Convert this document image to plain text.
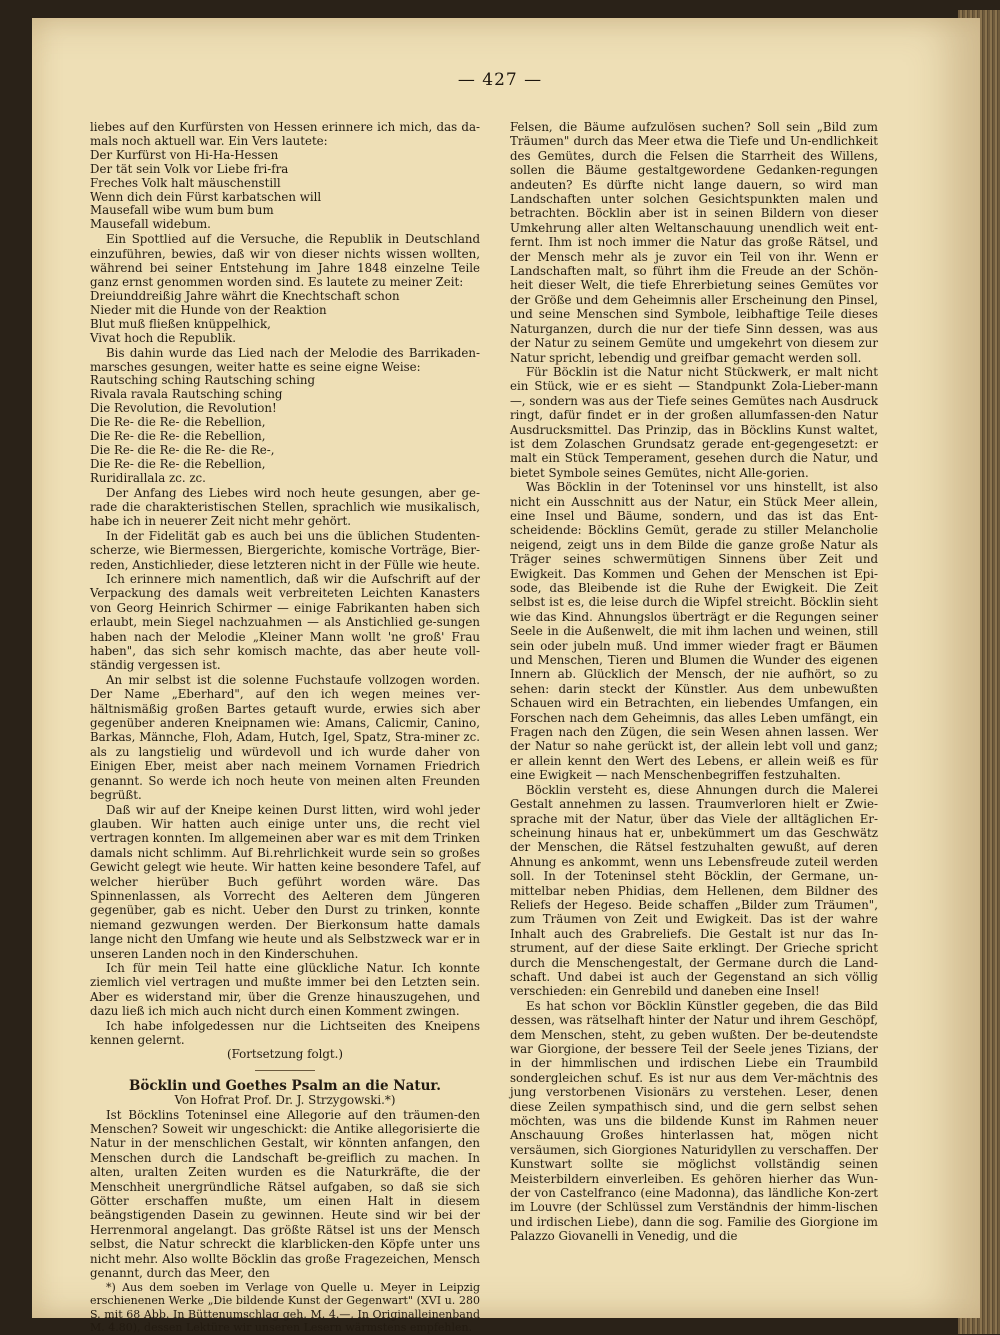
— 427 —

liebes auf den Kurfürsten von Hessen erinnere ich mich, das da-mals noch aktuell war. Ein Vers lautete:

Der Kurfürst von Hi-Ha-Hessen
Der tät sein Volk vor Liebe fri-fra
Freches Volk halt mäuschenstill
Wenn dich dein Fürst karbatschen will
Mausefall wibe wum bum bum
Mausefall widebum.

Ein Spottlied auf die Versuche, die Republik in Deutschland einzuführen, bewies, daß wir von dieser nichts wissen wollten, während bei seiner Entstehung im Jahre 1848 einzelne Teile ganz ernst genommen worden sind. Es lautete zu meiner Zeit:

Dreiunddreißig Jahre währt die Knechtschaft schon
Nieder mit die Hunde von der Reaktion
Blut muß fließen knüppelhick,
Vivat hoch die Republik.

Bis dahin wurde das Lied nach der Melodie des Barrikaden-marsches gesungen, weiter hatte es seine eigne Weise:

Rautsching sching Rautsching sching
Rivala ravala Rautsching sching
Die Revolution, die Revolution!
Die Re- die Re- die Rebellion,
Die Re- die Re- die Rebellion,
Die Re- die Re- die Re- die Re-,
Die Re- die Re- die Rebellion,
Ruridirallala zc. zc.

Der Anfang des Liebes wird noch heute gesungen, aber ge-rade die charakteristischen Stellen, sprachlich wie musikalisch, habe ich in neuerer Zeit nicht mehr gehört.

In der Fidelität gab es auch bei uns die üblichen Studenten-scherze, wie Biermessen, Biergerichte, komische Vorträge, Bier-reden, Anstichlieder, diese letzteren nicht in der Fülle wie heute.

Ich erinnere mich namentlich, daß wir die Aufschrift auf der Verpackung des damals weit verbreiteten Leichten Kanasters von Georg Heinrich Schirmer — einige Fabrikanten haben sich erlaubt, mein Siegel nachzuahmen — als Anstichlied ge-sungen haben nach der Melodie „Kleiner Mann wollt 'ne groß' Frau haben", das sich sehr komisch machte, das aber heute voll-ständig vergessen ist.

An mir selbst ist die solenne Fuchstaufe vollzogen worden. Der Name „Eberhard", auf den ich wegen meines ver-hältnismäßig großen Bartes getauft wurde, erwies sich aber gegenüber anderen Kneipnamen wie: Amans, Calicmir, Canino, Barkas, Männche, Floh, Adam, Hutch, Igel, Spatz, Stra-miner zc. als zu langstielig und würdevoll und ich wurde daher von Einigen Eber, meist aber nach meinem Vornamen Friedrich genannt. So werde ich noch heute von meinen alten Freunden begrüßt.

Daß wir auf der Kneipe keinen Durst litten, wird wohl jeder glauben. Wir hatten auch einige unter uns, die recht viel vertragen konnten. Im allgemeinen aber war es mit dem Trinken damals nicht schlimm. Auf Bi.rehrlichkeit wurde sein so großes Gewicht gelegt wie heute. Wir hatten keine besondere Tafel, auf welcher hierüber Buch geführt worden wäre. Das Spinnenlassen, als Vorrecht des Aelteren dem Jüngeren gegenüber, gab es nicht. Ueber den Durst zu trinken, konnte niemand gezwungen werden. Der Bierkonsum hatte damals lange nicht den Umfang wie heute und als Selbstzweck war er in unseren Landen noch in den Kinderschuhen.

Ich für mein Teil hatte eine glückliche Natur. Ich konnte ziemlich viel vertragen und mußte immer bei den Letzten sein. Aber es widerstand mir, über die Grenze hinauszugehen, und dazu ließ ich mich auch nicht durch einen Komment zwingen.

Ich habe infolgedessen nur die Lichtseiten des Kneipens kennen gelernt.

(Fortsetzung folgt.)

Böcklin und Goethes Psalm an die Natur.

Von Hofrat Prof. Dr. J. Strzygowski.*)

Ist Böcklins Toteninsel eine Allegorie auf den träumen-den Menschen? Soweit wir ungeschickt: die Antike allegorisierte die Natur in der menschlichen Gestalt, wir könnten anfangen, den Menschen durch die Landschaft be-greiflich zu machen. In alten, uralten Zeiten wurden es die Naturkräfte, die der Menschheit unergründliche Rätsel aufgaben, so daß sie sich Götter erschaffen mußte, um einen Halt in diesem beängstigenden Dasein zu gewinnen. Heute sind wir bei der Herrenmoral angelangt. Das größte Rätsel ist uns der Mensch selbst, die Natur schreckt die klarblicken-den Köpfe unter uns nicht mehr. Also wollte Böcklin das große Fragezeichen, Mensch genannt, durch das Meer, den

*) Aus dem soeben im Verlage von Quelle u. Meyer in Leipzig erschienenen Werke „Die bildende Kunst der Gegenwart" (XVI u. 280 S. mit 68 Abb. In Büttenumschlag geh. M. 4.—, In Originalleinenband M. 4.80), dessen Lektüre wir unseren Lesern wärmstens empfehlen.

Felsen, die Bäume aufzulösen suchen? Soll sein „Bild zum Träumen" durch das Meer etwa die Tiefe und Un-endlichkeit des Gemütes, durch die Felsen die Starrheit des Willens, sollen die Bäume gestaltgewordene Gedanken-regungen andeuten? Es dürfte nicht lange dauern, so wird man Landschaften unter solchen Gesichtspunkten malen und betrachten. Böcklin aber ist in seinen Bildern von dieser Umkehrung aller alten Weltanschauung unendlich weit ent-fernt. Ihm ist noch immer die Natur das große Rätsel, und der Mensch mehr als je zuvor ein Teil von ihr. Wenn er Landschaften malt, so führt ihm die Freude an der Schön-heit dieser Welt, die tiefe Ehrerbietung seines Gemütes vor der Größe und dem Geheimnis aller Erscheinung den Pinsel, und seine Menschen sind Symbole, leibhaftige Teile dieses Naturganzen, durch die nur der tiefe Sinn dessen, was aus der Natur zu seinem Gemüte und umgekehrt von diesem zur Natur spricht, lebendig und greifbar gemacht werden soll.

Für Böcklin ist die Natur nicht Stückwerk, er malt nicht ein Stück, wie er es sieht — Standpunkt Zola-Lieber-mann —, sondern was aus der Tiefe seines Gemütes nach Ausdruck ringt, dafür findet er in der großen allumfassen-den Natur Ausdrucksmittel. Das Prinzip, das in Böcklins Kunst waltet, ist dem Zolaschen Grundsatz gerade ent-gegengesetzt: er malt ein Stück Temperament, gesehen durch die Natur, und bietet Symbole seines Gemütes, nicht Alle-gorien.

Was Böcklin in der Toteninsel vor uns hinstellt, ist also nicht ein Ausschnitt aus der Natur, ein Stück Meer allein, eine Insel und Bäume, sondern, und das ist das Ent-scheidende: Böcklins Gemüt, gerade zu stiller Melancholie neigend, zeigt uns in dem Bilde die ganze große Natur als Träger seines schwermütigen Sinnens über Zeit und Ewigkeit. Das Kommen und Gehen der Menschen ist Epi-sode, das Bleibende ist die Ruhe der Ewigkeit. Die Zeit selbst ist es, die leise durch die Wipfel streicht. Böcklin sieht wie das Kind. Ahnungslos überträgt er die Regungen seiner Seele in die Außenwelt, die mit ihm lachen und weinen, still sein oder jubeln muß. Und immer wieder fragt er Bäumen und Menschen, Tieren und Blumen die Wunder des eigenen Innern ab. Glücklich der Mensch, der nie aufhört, so zu sehen: darin steckt der Künstler. Aus dem unbewußten Schauen wird ein Betrachten, ein liebendes Umfangen, ein Forschen nach dem Geheimnis, das alles Leben umfängt, ein Fragen nach den Zügen, die sein Wesen ahnen lassen. Wer der Natur so nahe gerückt ist, der allein lebt voll und ganz; er allein kennt den Wert des Lebens, er allein weiß es für eine Ewigkeit — nach Menschenbegriffen festzuhalten.

Böcklin versteht es, diese Ahnungen durch die Malerei Gestalt annehmen zu lassen. Traumverloren hielt er Zwie-sprache mit der Natur, über das Viele der alltäglichen Er-scheinung hinaus hat er, unbekümmert um das Geschwätz der Menschen, die Rätsel festzuhalten gewußt, auf deren Ahnung es ankommt, wenn uns Lebensfreude zuteil werden soll. In der Toteninsel steht Böcklin, der Germane, un-mittelbar neben Phidias, dem Hellenen, dem Bildner des Reliefs der Hegeso. Beide schaffen „Bilder zum Träumen", zum Träumen von Zeit und Ewigkeit. Das ist der wahre Inhalt auch des Grabreliefs. Die Gestalt ist nur das In-strument, auf der diese Saite erklingt. Der Grieche spricht durch die Menschengestalt, der Germane durch die Land-schaft. Und dabei ist auch der Gegenstand an sich völlig verschieden: ein Genrebild und daneben eine Insel!

Es hat schon vor Böcklin Künstler gegeben, die das Bild dessen, was rätselhaft hinter der Natur und ihrem Geschöpf, dem Menschen, steht, zu geben wußten. Der be-deutendste war Giorgione, der bessere Teil der Seele jenes Tizians, der in der himmlischen und irdischen Liebe ein Traumbild sondergleichen schuf. Es ist nur aus dem Ver-mächtnis des jung verstorbenen Visionärs zu verstehen. Leser, denen diese Zeilen sympathisch sind, und die gern selbst sehen möchten, was uns die bildende Kunst im Rahmen neuer Anschauung Großes hinterlassen hat, mögen nicht versäumen, sich Giorgiones Naturidyllen zu verschaffen. Der Kunstwart sollte sie möglichst vollständig seinen Meisterbildern einverleiben. Es gehören hierher das Wun-der von Castelfranco (eine Madonna), das ländliche Kon-zert im Louvre (der Schlüssel zum Verständnis der himm-lischen und irdischen Liebe), dann die sog. Familie des Giorgione im Palazzo Giovanelli in Venedig, und die
